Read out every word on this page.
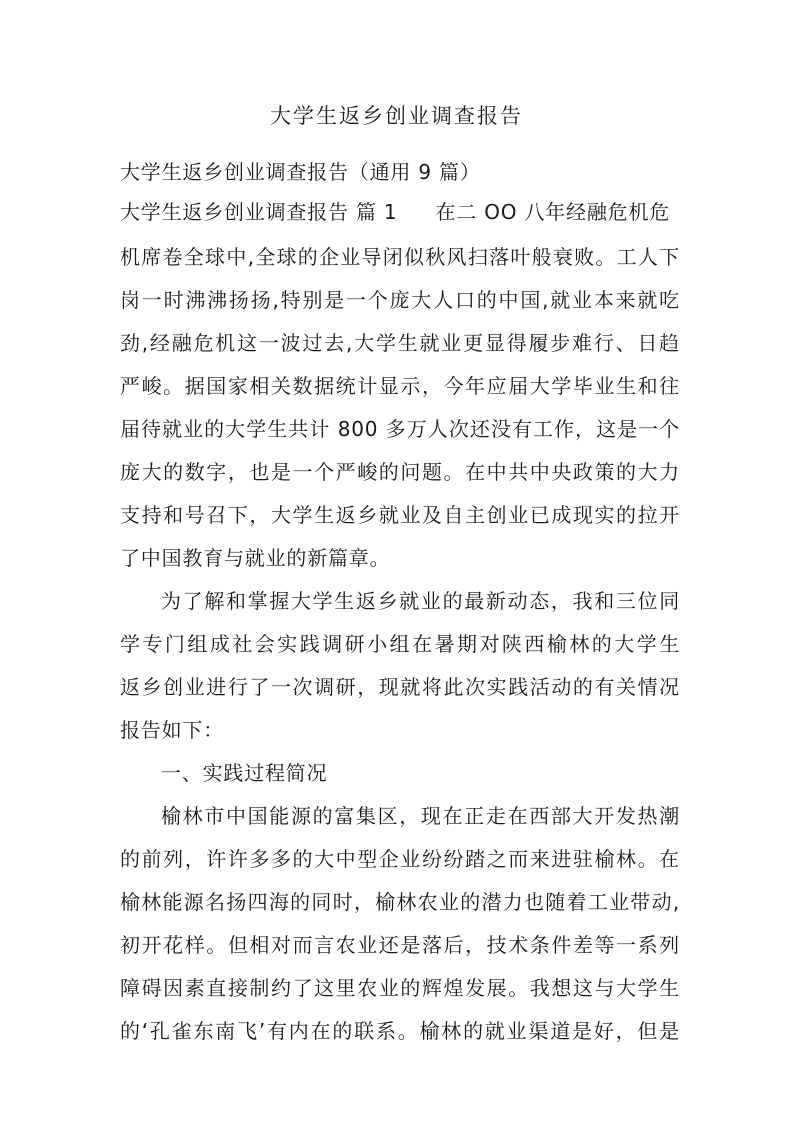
大学生返乡创业调查报告

大学生返乡创业调查报告（通用 9 篇）

大学生返乡创业调查报告 篇 1 在二 OO 八年经融危机危

机席卷全球中,全球的企业导闭似秋风扫落叶般衰败。工人下

岗一时沸沸扬扬,特别是一个庞大人口的中国,就业本来就吃

劲,经融危机这一波过去,大学生就业更显得履步难行、日趋

严峻。据国家相关数据统计显示，今年应届大学毕业生和往

届待就业的大学生共计 800 多万人次还没有工作，这是一个

庞大的数字，也是一个严峻的问题。在中共中央政策的大力

支持和号召下，大学生返乡就业及自主创业已成现实的拉开

了中国教育与就业的新篇章。

为了解和掌握大学生返乡就业的最新动态，我和三位同

学专门组成社会实践调研小组在暑期对陕西榆林的大学生

返乡创业进行了一次调研，现就将此次实践活动的有关情况

报告如下：

一、实践过程简况

榆林市中国能源的富集区，现在正走在西部大开发热潮

的前列，许许多多的大中型企业纷纷踏之而来进驻榆林。在

榆林能源名扬四海的同时，榆林农业的潜力也随着工业带动,

初开花样。但相对而言农业还是落后，技术条件差等一系列

障碍因素直接制约了这里农业的辉煌发展。我想这与大学生

的‘孔雀东南飞’有内在的联系。榆林的就业渠道是好，但是
